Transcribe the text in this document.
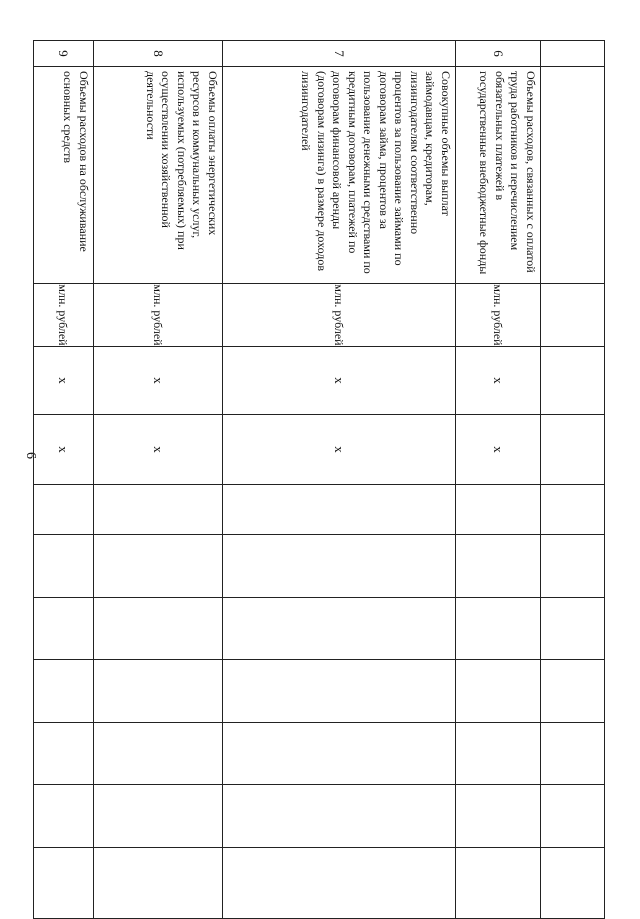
6

6	Объемы расходов, связанных с оплатой труда работников и перечислением обязательных платежей в государственные внебюджетные фонды	млн. рублей	x	x							
7	Совокупные объемы выплат займодавцам, кредиторам, лизингодателям соответственно процентов за пользование займами по договорам займа, процентов за пользование денежными средствами по кредитным договорам, платежей по договорам финансовой аренды (договорам лизинга) в размере доходов лизингодателей	млн. рублей	x	x							
8	Объемы оплаты энергетических ресурсов и коммунальных услуг, используемых (потребляемых) при осуществлении хозяйственной деятельности	млн. рублей	x	x							
9	Объемы расходов на обслуживание основных средств	млн. рублей	x	x							
